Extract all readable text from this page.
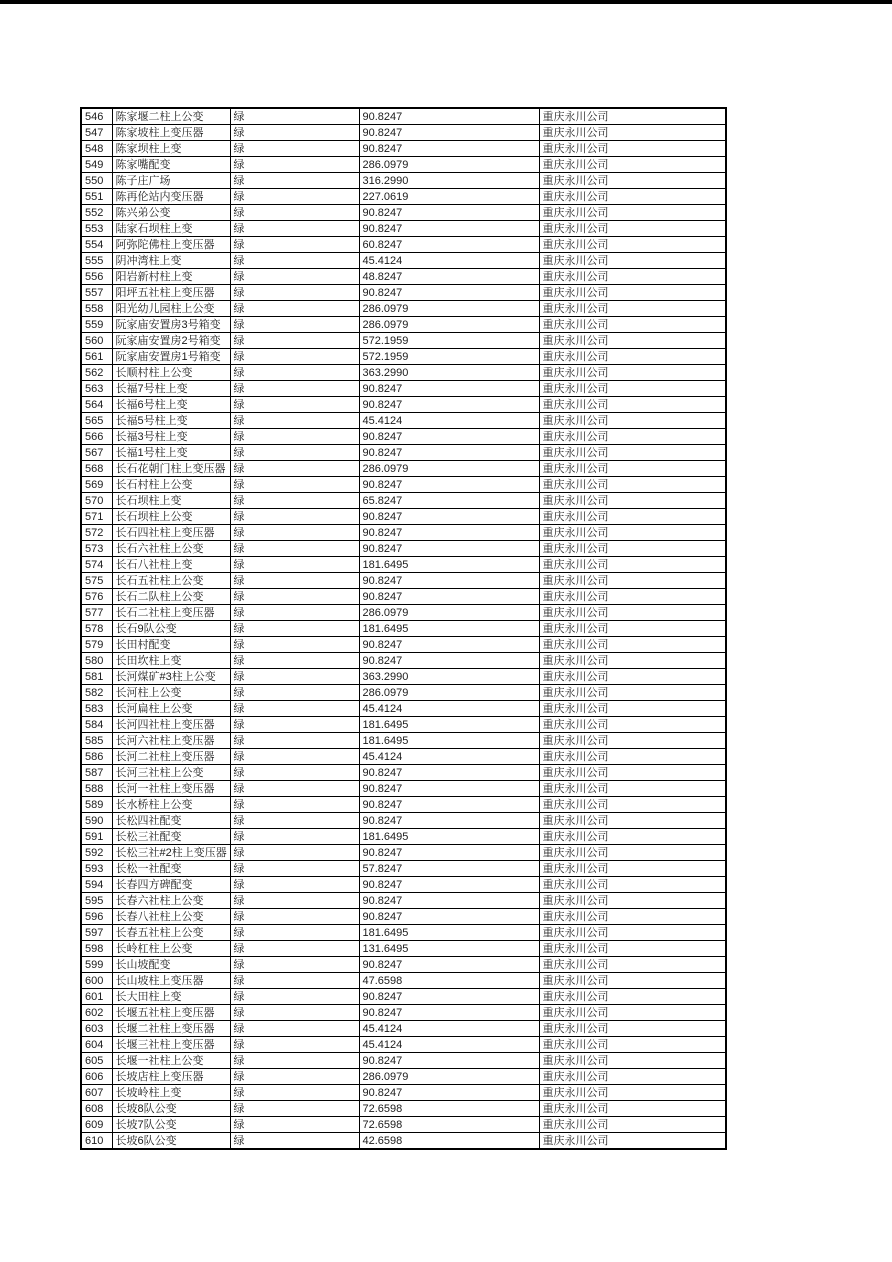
546	陈家堰二柱上公变	绿	90.8247	重庆永川公司
547	陈家坡柱上变压器	绿	90.8247	重庆永川公司
548	陈家坝柱上变	绿	90.8247	重庆永川公司
549	陈家嘴配变	绿	286.0979	重庆永川公司
550	陈子庄广场	绿	316.2990	重庆永川公司
551	陈再伦站内变压器	绿	227.0619	重庆永川公司
552	陈兴弟公变	绿	90.8247	重庆永川公司
553	陆家石坝柱上变	绿	90.8247	重庆永川公司
554	阿弥陀佛柱上变压器	绿	60.8247	重庆永川公司
555	阴冲湾柱上变	绿	45.4124	重庆永川公司
556	阳岩新村柱上变	绿	48.8247	重庆永川公司
557	阳坪五社柱上变压器	绿	90.8247	重庆永川公司
558	阳光幼儿园柱上公变	绿	286.0979	重庆永川公司
559	阮家庙安置房3号箱变	绿	286.0979	重庆永川公司
560	阮家庙安置房2号箱变	绿	572.1959	重庆永川公司
561	阮家庙安置房1号箱变	绿	572.1959	重庆永川公司
562	长顺村柱上公变	绿	363.2990	重庆永川公司
563	长福7号柱上变	绿	90.8247	重庆永川公司
564	长福6号柱上变	绿	90.8247	重庆永川公司
565	长福5号柱上变	绿	45.4124	重庆永川公司
566	长福3号柱上变	绿	90.8247	重庆永川公司
567	长福1号柱上变	绿	90.8247	重庆永川公司
568	长石花朝门柱上变压器	绿	286.0979	重庆永川公司
569	长石村柱上公变	绿	90.8247	重庆永川公司
570	长石坝柱上变	绿	65.8247	重庆永川公司
571	长石坝柱上公变	绿	90.8247	重庆永川公司
572	长石四社柱上变压器	绿	90.8247	重庆永川公司
573	长石六社柱上公变	绿	90.8247	重庆永川公司
574	长石八社柱上变	绿	181.6495	重庆永川公司
575	长石五社柱上公变	绿	90.8247	重庆永川公司
576	长石二队柱上公变	绿	90.8247	重庆永川公司
577	长石二社柱上变压器	绿	286.0979	重庆永川公司
578	长石9队公变	绿	181.6495	重庆永川公司
579	长田村配变	绿	90.8247	重庆永川公司
580	长田坎柱上变	绿	90.8247	重庆永川公司
581	长河煤矿#3柱上公变	绿	363.2990	重庆永川公司
582	长河柱上公变	绿	286.0979	重庆永川公司
583	长河扁柱上公变	绿	45.4124	重庆永川公司
584	长河四社柱上变压器	绿	181.6495	重庆永川公司
585	长河六社柱上变压器	绿	181.6495	重庆永川公司
586	长河二社柱上变压器	绿	45.4124	重庆永川公司
587	长河三社柱上公变	绿	90.8247	重庆永川公司
588	长河一社柱上变压器	绿	90.8247	重庆永川公司
589	长水桥柱上公变	绿	90.8247	重庆永川公司
590	长松四社配变	绿	90.8247	重庆永川公司
591	长松三社配变	绿	181.6495	重庆永川公司
592	长松三社#2柱上变压器	绿	90.8247	重庆永川公司
593	长松一社配变	绿	57.8247	重庆永川公司
594	长春四方碑配变	绿	90.8247	重庆永川公司
595	长春六社柱上公变	绿	90.8247	重庆永川公司
596	长春八社柱上公变	绿	90.8247	重庆永川公司
597	长春五社柱上公变	绿	181.6495	重庆永川公司
598	长岭杠柱上公变	绿	131.6495	重庆永川公司
599	长山坡配变	绿	90.8247	重庆永川公司
600	长山坡柱上变压器	绿	47.6598	重庆永川公司
601	长大田柱上变	绿	90.8247	重庆永川公司
602	长堰五社柱上变压器	绿	90.8247	重庆永川公司
603	长堰二社柱上变压器	绿	45.4124	重庆永川公司
604	长堰三社柱上变压器	绿	45.4124	重庆永川公司
605	长堰一社柱上公变	绿	90.8247	重庆永川公司
606	长坡店柱上变压器	绿	286.0979	重庆永川公司
607	长坡岭柱上变	绿	90.8247	重庆永川公司
608	长坡8队公变	绿	72.6598	重庆永川公司
609	长坡7队公变	绿	72.6598	重庆永川公司
610	长坡6队公变	绿	42.6598	重庆永川公司
